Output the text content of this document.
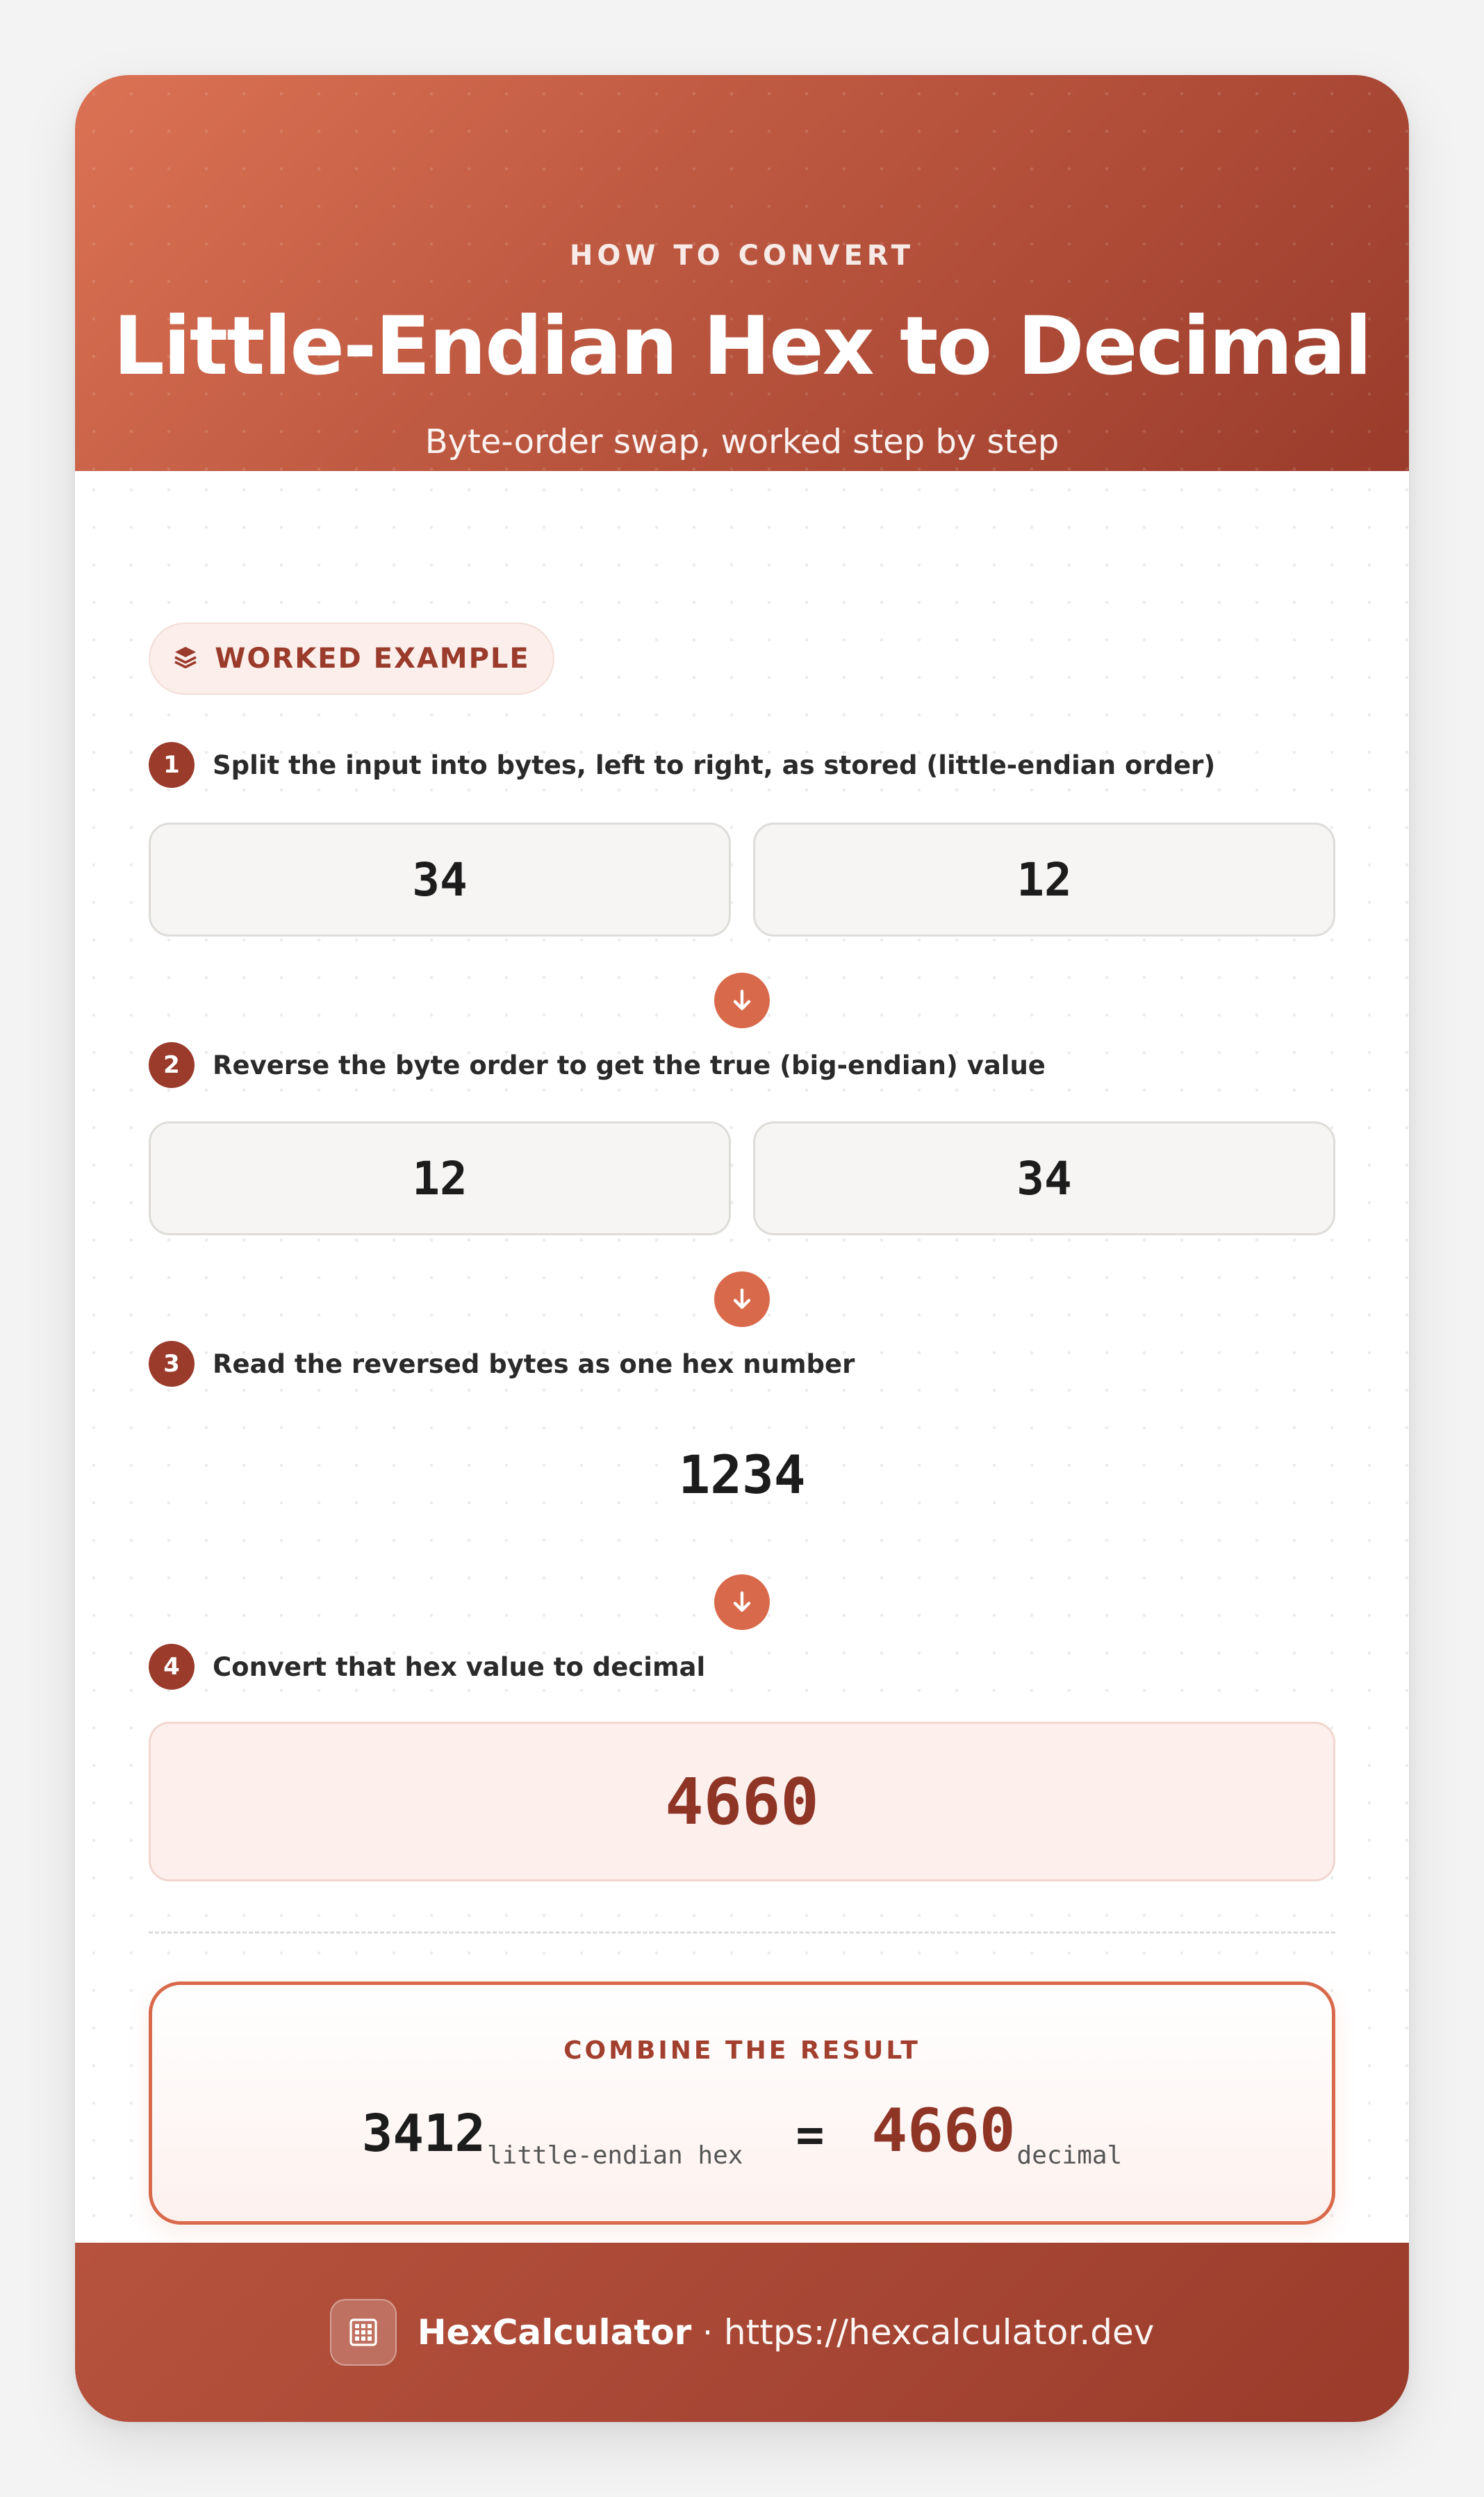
HOW TO CONVERT
Little-Endian Hex to Decimal
Byte-order swap, worked step by step
WORKED EXAMPLE
1	Split the input into bytes, left to right, as stored (little-endian order)
34	12
2	Reverse the byte order to get the true (big-endian) value
12	34
3	Read the reversed bytes as one hex number
1234
4	Convert that hex value to decimal
4660
COMBINE THE RESULT
3412 little-endian hex = 4660 decimal
HexCalculator · https://hexcalculator.dev
